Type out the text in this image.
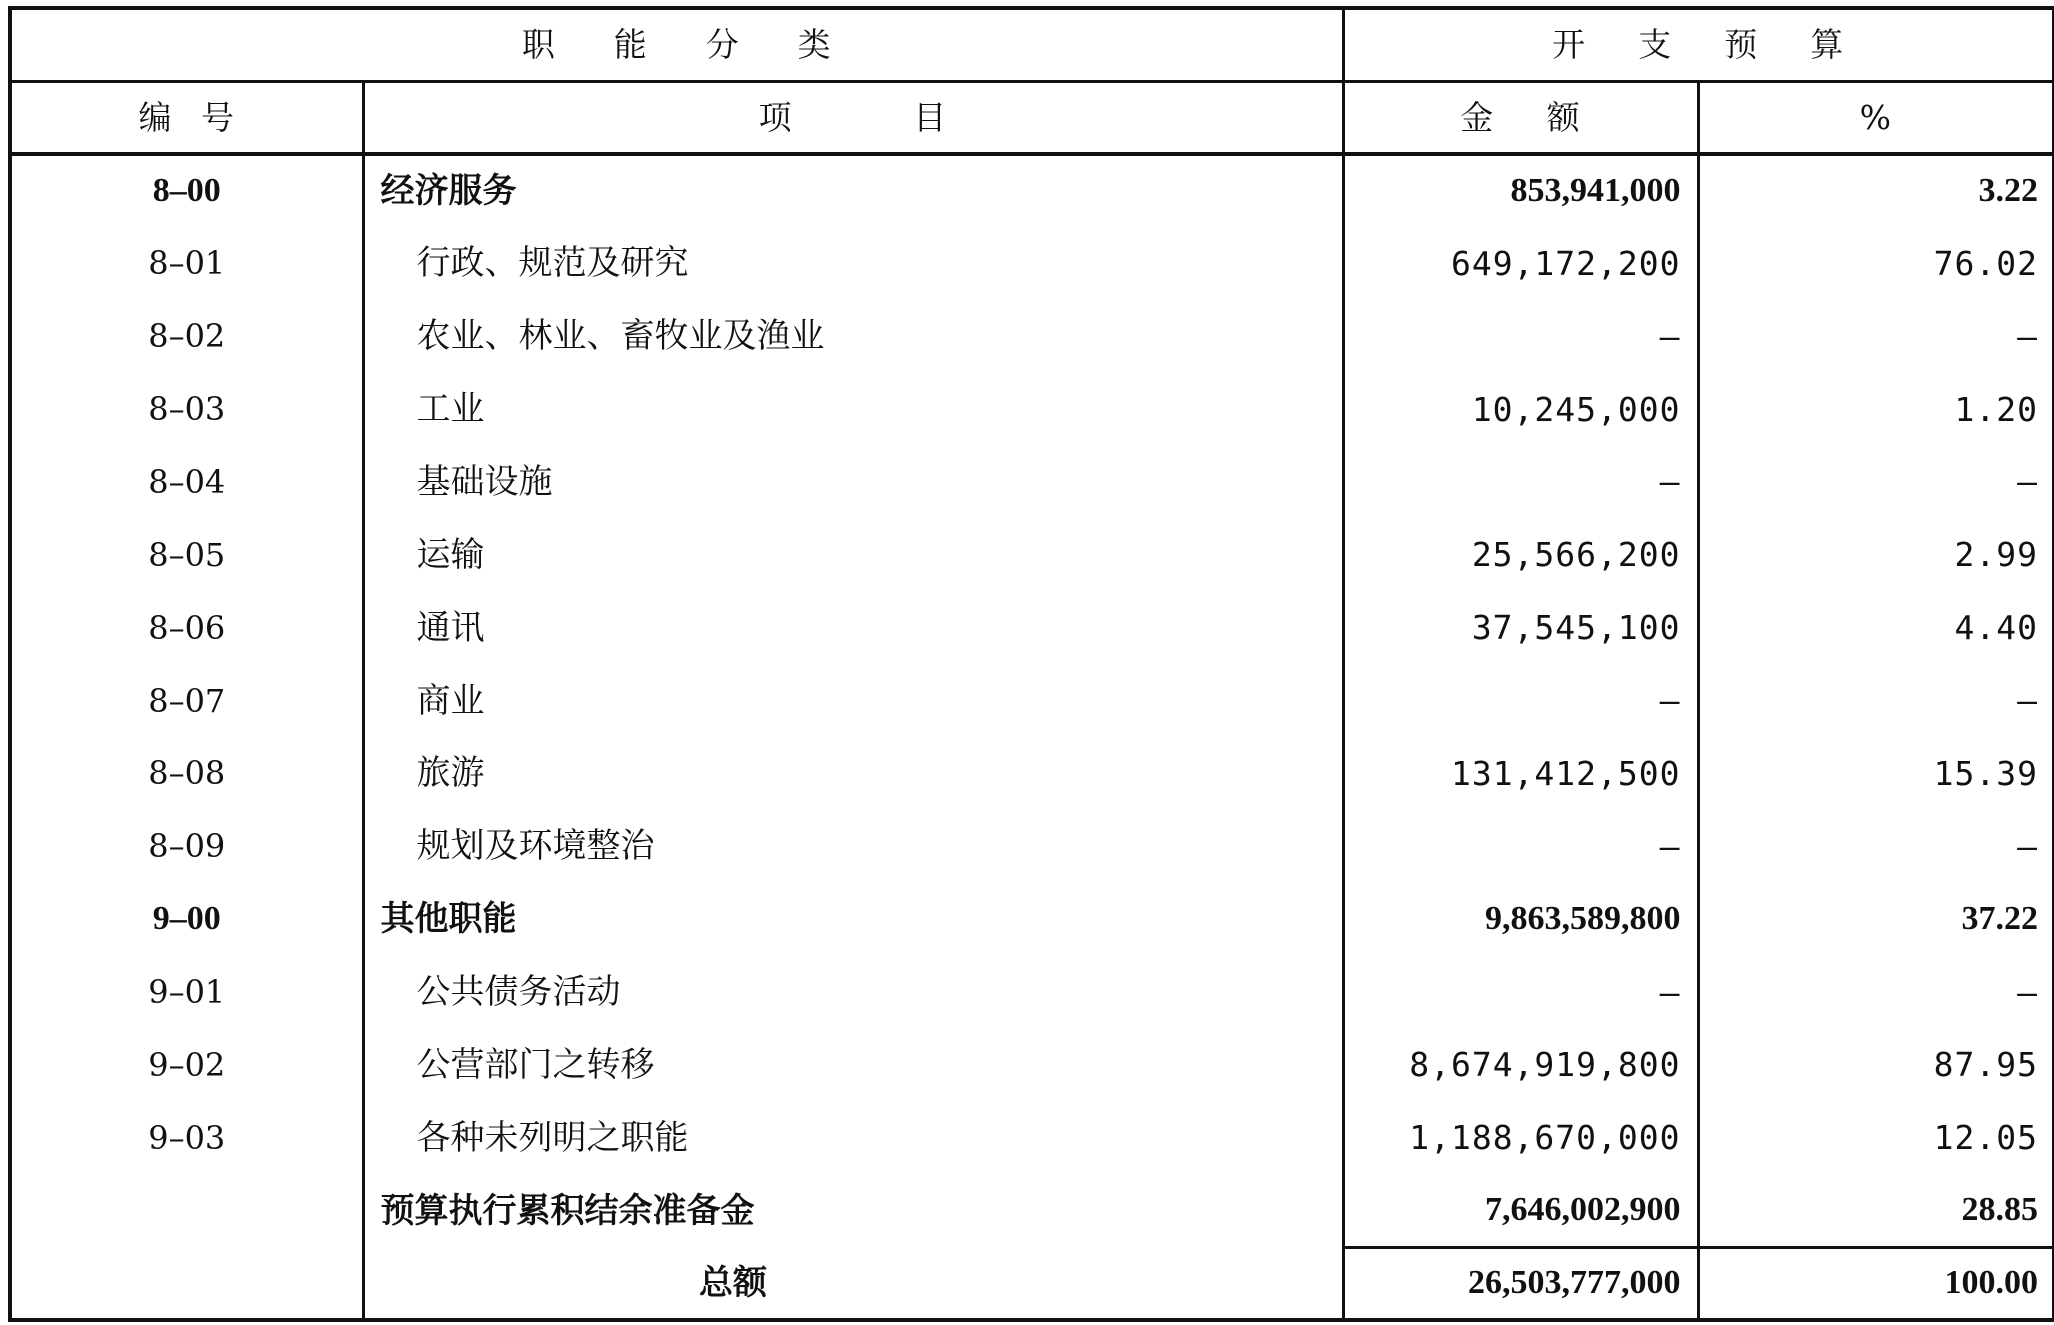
职 能 分 类		开 支 预 算	

编 号	项 目	金 额	%
8–00	经济服务	853,941,000	3.22
8–01	行政、规范及研究	649,172,200	76.02
8–02	农业、林业、畜牧业及渔业	–	–
8–03	工业	10,245,000	1.20
8–04	基础设施	–	–
8–05	运输	25,566,200	2.99
8–06	通讯	37,545,100	4.40
8–07	商业	–	–
8–08	旅游	131,412,500	15.39
8–09	规划及环境整治	–	–
9–00	其他职能	9,863,589,800	37.22
9–01	公共债务活动	–	–
9–02	公营部门之转移	8,674,919,800	87.95
9–03	各种未列明之职能	1,188,670,000	12.05
	预算执行累积结余准备金	7,646,002,900	28.85
	总额	26,503,777,000	100.00
